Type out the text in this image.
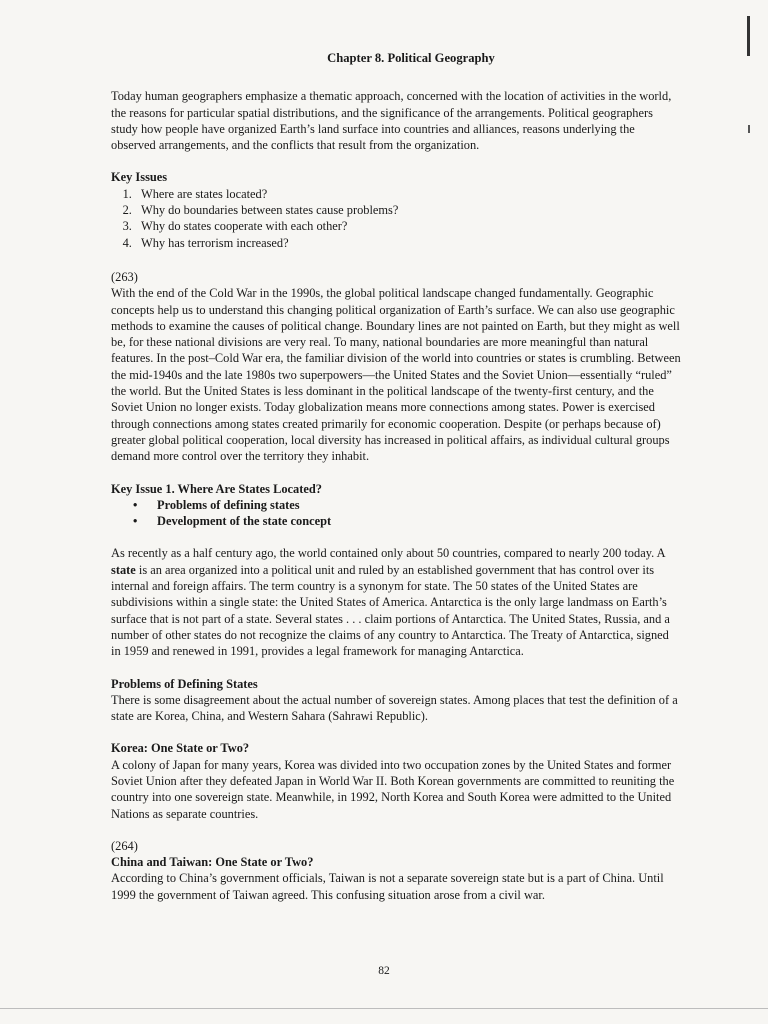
Chapter 8. Political Geography

Today human geographers emphasize a thematic approach, concerned with the location of activities in the world, the reasons for particular spatial distributions, and the significance of the arrangements. Political geographers study how people have organized Earth’s land surface into countries and alliances, reasons underlying the observed arrangements, and the conflicts that result from the organization.

Key Issues

1. Where are states located?
2. Why do boundaries between states cause problems?
3. Why do states cooperate with each other?
4. Why has terrorism increased?

(263)

With the end of the Cold War in the 1990s, the global political landscape changed fundamentally. Geographic concepts help us to understand this changing political organization of Earth’s surface. We can also use geographic methods to examine the causes of political change. Boundary lines are not painted on Earth, but they might as well be, for these national divisions are very real. To many, national boundaries are more meaningful than natural features. In the post–Cold War era, the familiar division of the world into countries or states is crumbling. Between the mid-1940s and the late 1980s two superpowers—the United States and the Soviet Union—essentially “ruled” the world. But the United States is less dominant in the political landscape of the twenty-first century, and the Soviet Union no longer exists. Today globalization means more connections among states. Power is exercised through connections among states created primarily for economic cooperation. Despite (or perhaps because of) greater global political cooperation, local diversity has increased in political affairs, as individual cultural groups demand more control over the territory they inhabit.

Key Issue 1. Where Are States Located?

• Problems of defining states
• Development of the state concept

As recently as a half century ago, the world contained only about 50 countries, compared to nearly 200 today. A state is an area organized into a political unit and ruled by an established government that has control over its internal and foreign affairs. The term country is a synonym for state. The 50 states of the United States are subdivisions within a single state: the United States of America. Antarctica is the only large landmass on Earth’s surface that is not part of a state. Several states . . . claim portions of Antarctica. The United States, Russia, and a number of other states do not recognize the claims of any country to Antarctica. The Treaty of Antarctica, signed in 1959 and renewed in 1991, provides a legal framework for managing Antarctica.

Problems of Defining States

There is some disagreement about the actual number of sovereign states. Among places that test the definition of a state are Korea, China, and Western Sahara (Sahrawi Republic).

Korea: One State or Two?

A colony of Japan for many years, Korea was divided into two occupation zones by the United States and former Soviet Union after they defeated Japan in World War II. Both Korean governments are committed to reuniting the country into one sovereign state. Meanwhile, in 1992, North Korea and South Korea were admitted to the United Nations as separate countries.

(264)

China and Taiwan: One State or Two?

According to China’s government officials, Taiwan is not a separate sovereign state but is a part of China. Until 1999 the government of Taiwan agreed. This confusing situation arose from a civil war.

82
